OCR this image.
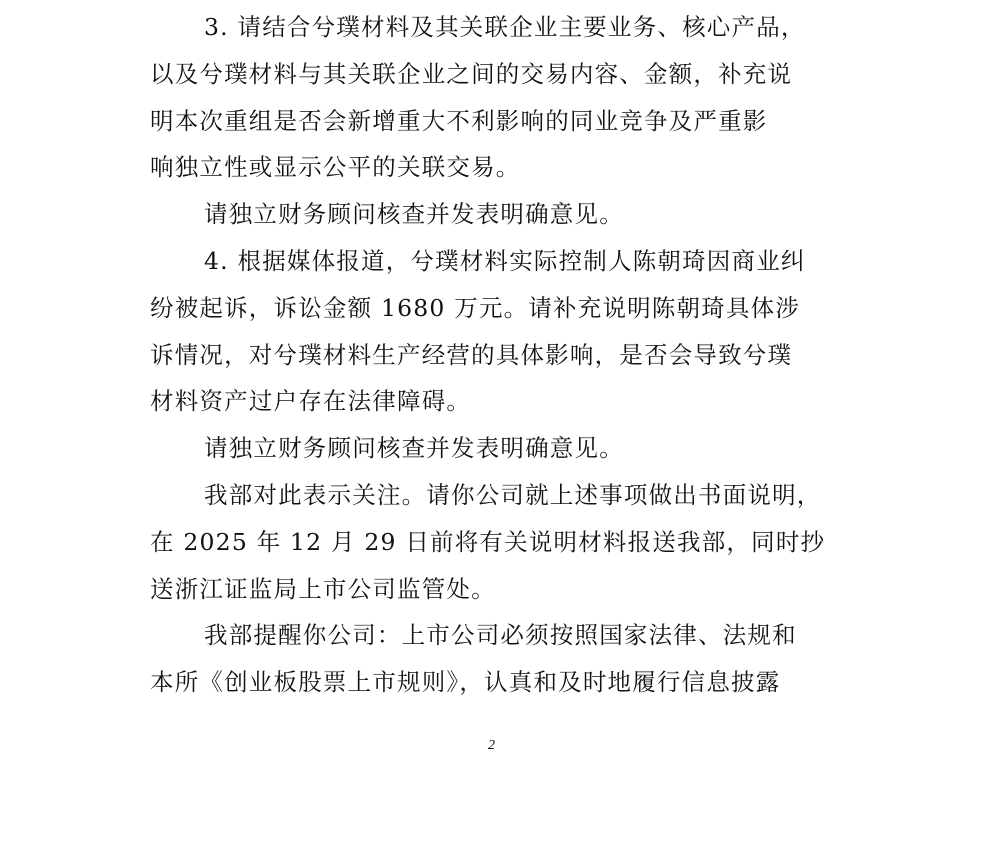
3. 请结合兮璞材料及其关联企业主要业务、核心产品，
以及兮璞材料与其关联企业之间的交易内容、金额，补充说
明本次重组是否会新增重大不利影响的同业竞争及严重影
响独立性或显示公平的关联交易。
请独立财务顾问核查并发表明确意见。
4. 根据媒体报道，兮璞材料实际控制人陈朝琦因商业纠
纷被起诉，诉讼金额 1680 万元。请补充说明陈朝琦具体涉
诉情况，对兮璞材料生产经营的具体影响，是否会导致兮璞
材料资产过户存在法律障碍。
请独立财务顾问核查并发表明确意见。
我部对此表示关注。请你公司就上述事项做出书面说明，
在 2025 年 12 月 29 日前将有关说明材料报送我部，同时抄
送浙江证监局上市公司监管处。
我部提醒你公司：上市公司必须按照国家法律、法规和
本所《创业板股票上市规则》，认真和及时地履行信息披露
2
